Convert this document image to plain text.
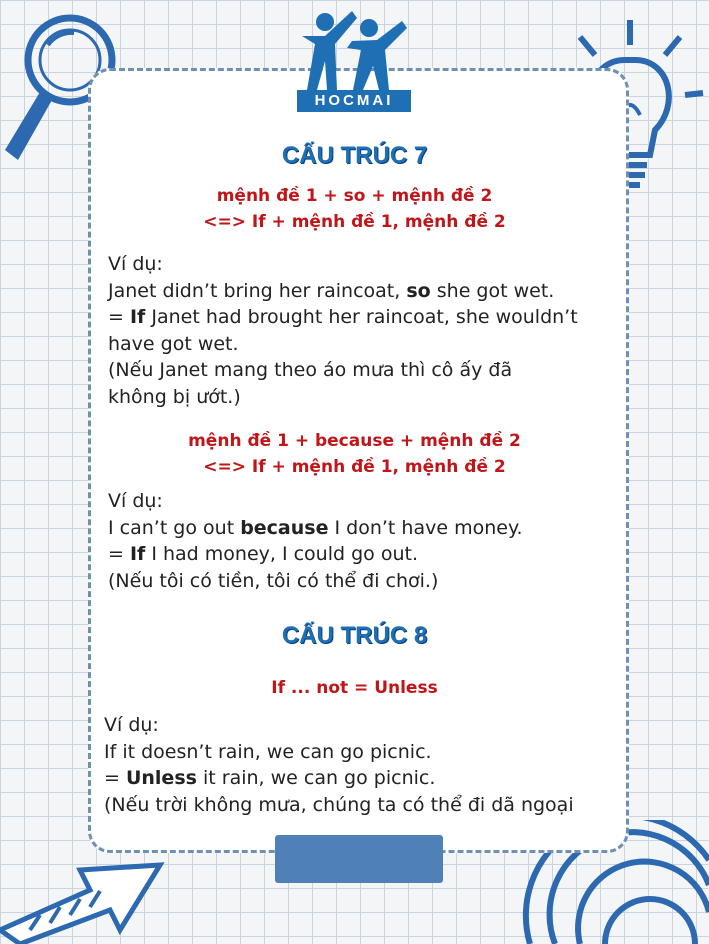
HOCMAI
CẤU TRÚC 7
mệnh đề 1 + so + mệnh đề 2
<=> If + mệnh đề 1, mệnh đề 2
Ví dụ:
Janet didn’t bring her raincoat, so she got wet.
= If Janet had brought her raincoat, she wouldn’t
have got wet.
(Nếu Janet mang theo áo mưa thì cô ấy đã
không bị ướt.)
mệnh đề 1 + because + mệnh đề 2
<=> If + mệnh đề 1, mệnh đề 2
Ví dụ:
I can’t go out because I don’t have money.
= If I had money, I could go out.
(Nếu tôi có tiền, tôi có thể đi chơi.)
CẤU TRÚC 8
If ... not = Unless
Ví dụ:
If it doesn’t rain, we can go picnic.
= Unless it rain, we can go picnic.
(Nếu trời không mưa, chúng ta có thể đi dã ngoại
